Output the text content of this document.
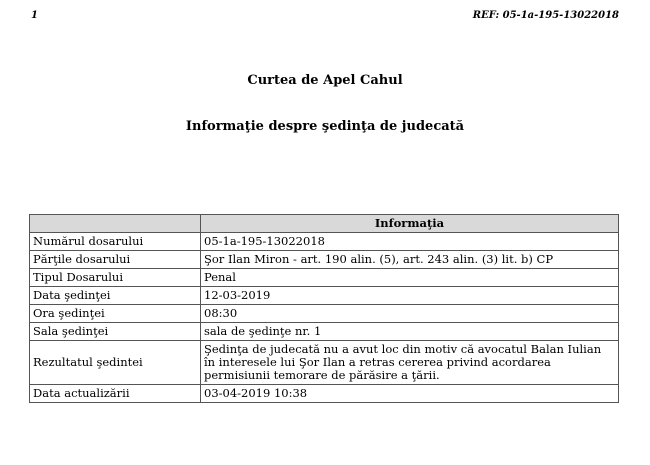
1	REF: 05-1a-195-13022018
Curtea de Apel Cahul
Informaţie despre şedinţa de judecată
	Informaţia
Numărul dosarului	05-1a-195-13022018
Părţile dosarului	Şor Ilan Miron - art. 190 alin. (5), art. 243 alin. (3) lit. b) CP
Tipul Dosarului	Penal
Data şedinţei	12-03-2019
Ora şedinţei	08:30
Sala şedinţei	sala de şedinţe nr. 1
Rezultatul şedintei	Şedinţa de judecată nu a avut loc din motiv că avocatul Balan Iulian în interesele lui Şor Ilan a retras cererea privind acordarea permisiunii temorare de părăsire a ţării.
Data actualizării	03-04-2019 10:38
